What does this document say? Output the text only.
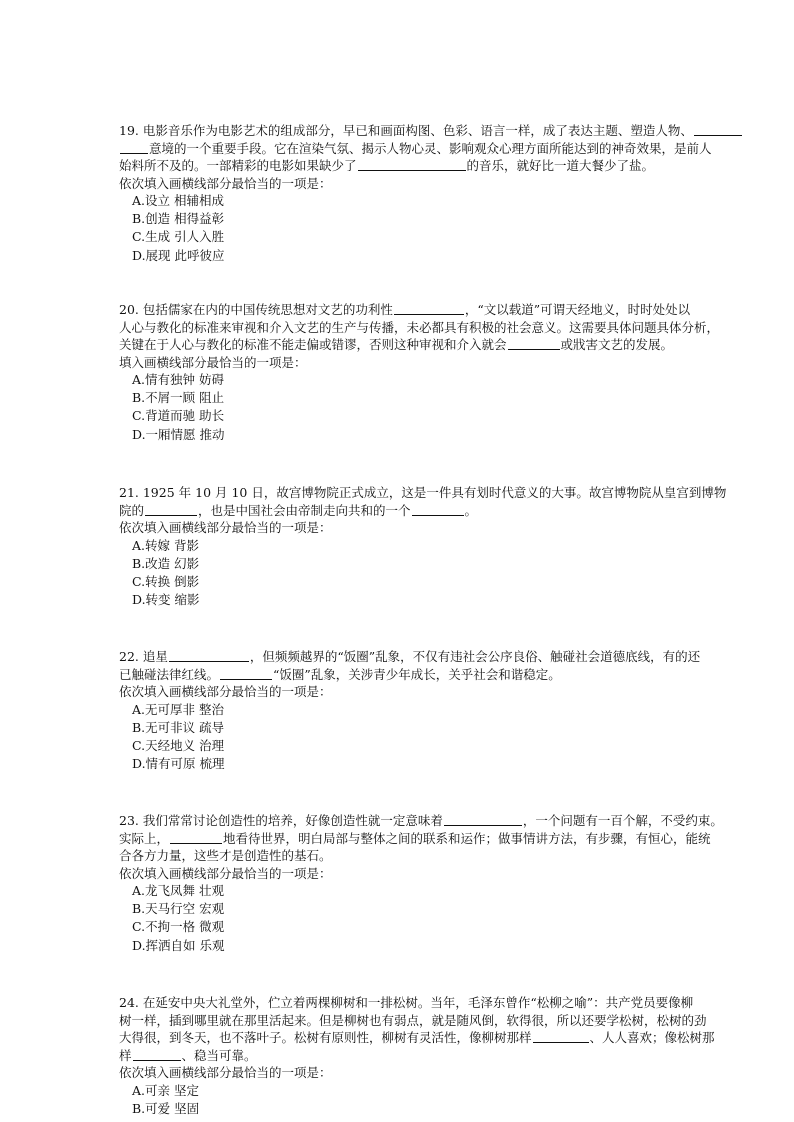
19. 电影音乐作为电影艺术的组成部分，早已和画面构图、色彩、语言一样，成了表达主题、塑造人物、
意境的一个重要手段。它在渲染气氛、揭示人物心灵、影响观众心理方面所能达到的神奇效果，是前人
始料所不及的。一部精彩的电影如果缺少了	的音乐，就好比一道大餐少了盐。
依次填入画横线部分最恰当的一项是：
A.设立 相辅相成
B.创造 相得益彰
C.生成 引人入胜
D.展现 此呼彼应
20. 包括儒家在内的中国传统思想对文艺的功利性	，“文以载道”可谓天经地义，时时处处以
人心与教化的标准来审视和介入文艺的生产与传播，未必都具有积极的社会意义。这需要具体问题具体分析，
关键在于人心与教化的标准不能走偏或错谬，否则这种审视和介入就会	或戕害文艺的发展。
填入画横线部分最恰当的一项是：
A.情有独钟 妨碍
B.不屑一顾 阻止
C.背道而驰 助长
D.一厢情愿 推动
21. 1925 年 10 月 10 日，故宫博物院正式成立，这是一件具有划时代意义的大事。故宫博物院从皇宫到博物
院的	，也是中国社会由帝制走向共和的一个	。
依次填入画横线部分最恰当的一项是：
A.转嫁 背影
B.改造 幻影
C.转换 倒影
D.转变 缩影
22. 追星	，但频频越界的“饭圈”乱象，不仅有违社会公序良俗、触碰社会道德底线，有的还
已触碰法律红线。	“饭圈”乱象，关涉青少年成长，关乎社会和谐稳定。
依次填入画横线部分最恰当的一项是：
A.无可厚非 整治
B.无可非议 疏导
C.天经地义 治理
D.情有可原 梳理
23. 我们常常讨论创造性的培养，好像创造性就一定意味着	，一个问题有一百个解，不受约束。
实际上，	地看待世界，明白局部与整体之间的联系和运作；做事情讲方法，有步骤，有恒心，能统
合各方力量，这些才是创造性的基石。
依次填入画横线部分最恰当的一项是：
A.龙飞凤舞 壮观
B.天马行空 宏观
C.不拘一格 微观
D.挥洒自如 乐观
24. 在延安中央大礼堂外，伫立着两棵柳树和一排松树。当年，毛泽东曾作“松柳之喻”：共产党员要像柳
树一样，插到哪里就在那里活起来。但是柳树也有弱点，就是随风倒，软得很，所以还要学松树，松树的劲
大得很，到冬天，也不落叶子。松树有原则性，柳树有灵活性，像柳树那样	、人人喜欢；像松树那
样	、稳当可靠。
依次填入画横线部分最恰当的一项是：
A.可亲 坚定
B.可爱 坚固
